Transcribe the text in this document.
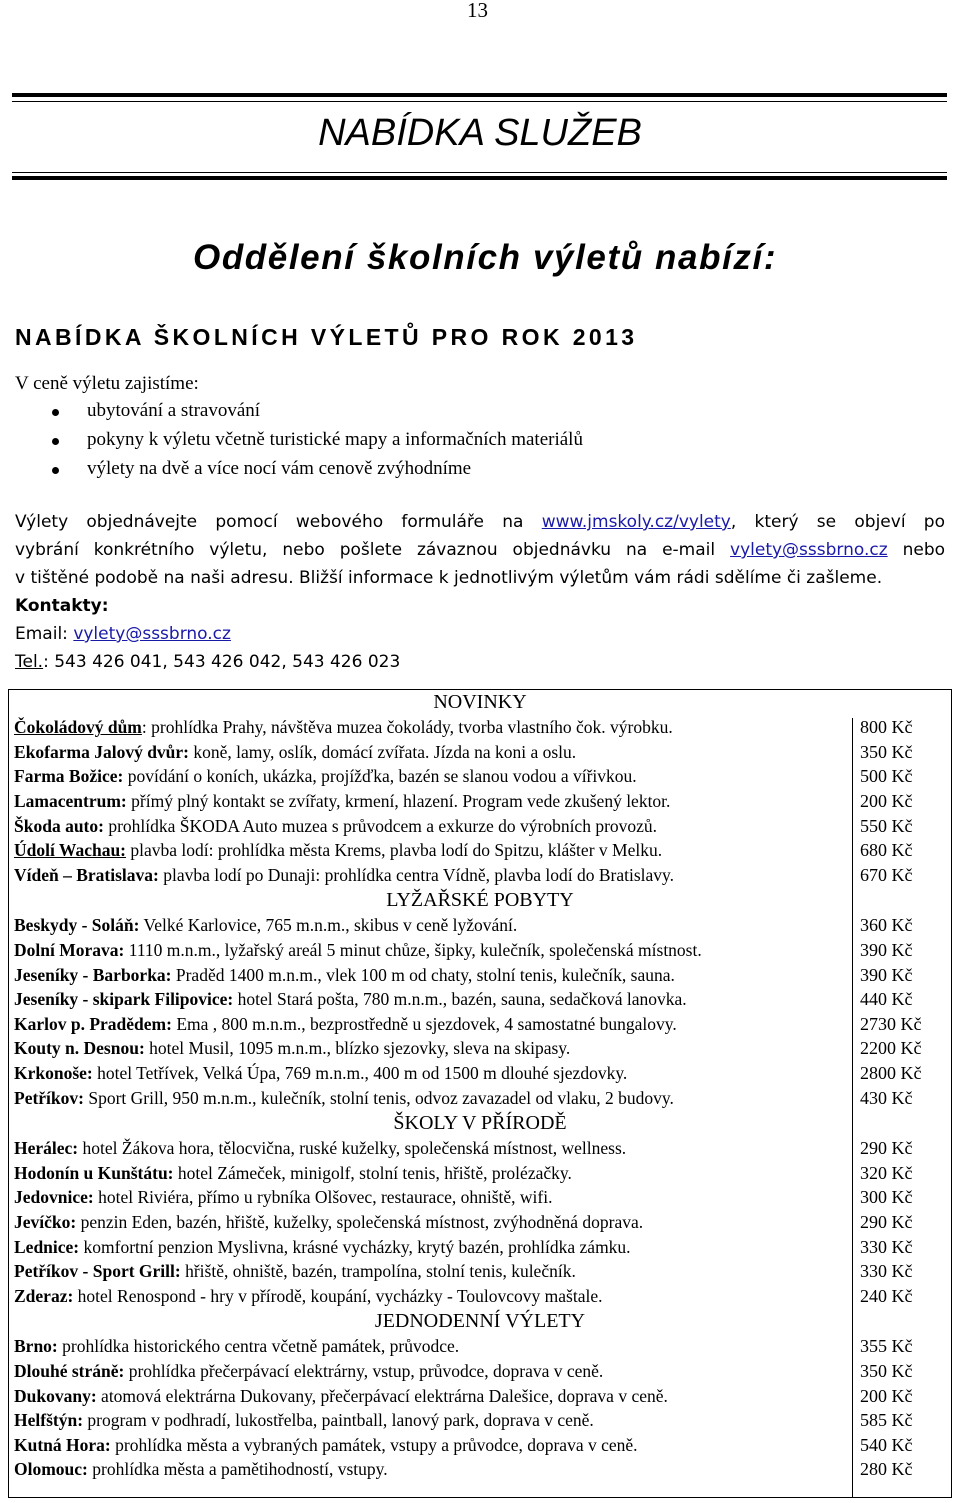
13
NABÍDKA SLUŽEB
Oddělení školních výletů nabízí:
NABÍDKA ŠKOLNÍCH VÝLETŮ PRO ROK 2013
V ceně výletu zajistíme:
ubytování a stravování
pokyny k výletu včetně turistické mapy a informačních materiálů
výlety na dvě a více nocí vám cenově zvýhodníme
Výlety objednávejte pomocí webového formuláře na www.jmskoly.cz/vylety, který se objeví po
vybrání konkrétního výletu, nebo pošlete závaznou objednávku na e-mail vylety@sssbrno.cz nebo
v tištěné podobě na naši adresu. Bližší informace k jednotlivým výletům vám rádi sdělíme či zašleme.
Kontakty:
Email: vylety@sssbrno.cz
Tel.: 543 426 041, 543 426 042, 543 426 023
NOVINKY	
Čokoládový dům: prohlídka Prahy, návštěva muzea čokolády, tvorba vlastního čok. výrobku.	800 Kč
Ekofarma Jalový dvůr: koně, lamy, oslík, domácí zvířata. Jízda na koni a oslu.	350 Kč
Farma Božice: povídání o koních, ukázka, projížďka, bazén se slanou vodou a vířivkou.	500 Kč
Lamacentrum: přímý plný kontakt se zvířaty, krmení, hlazení. Program vede zkušený lektor.	200 Kč
Škoda auto: prohlídka ŠKODA Auto muzea s průvodcem a exkurze do výrobních provozů.	550 Kč
Údolí Wachau: plavba lodí: prohlídka města Krems, plavba lodí do Spitzu, klášter v Melku.	680 Kč
Vídeň – Bratislava: plavba lodí po Dunaji: prohlídka centra Vídně, plavba lodí do Bratislavy.	670 Kč
LYŽAŘSKÉ POBYTY	
Beskydy - Soláň: Velké Karlovice, 765 m.n.m., skibus v ceně lyžování.	360 Kč
Dolní Morava: 1110 m.n.m., lyžařský areál 5 minut chůze, šipky, kulečník, společenská místnost.	390 Kč
Jeseníky - Barborka: Praděd 1400 m.n.m., vlek 100 m od chaty, stolní tenis, kulečník, sauna.	390 Kč
Jeseníky - skipark Filipovice: hotel Stará pošta, 780 m.n.m., bazén, sauna, sedačková lanovka.	440 Kč
Karlov p. Pradědem: Ema , 800 m.n.m., bezprostředně u sjezdovek, 4 samostatné bungalovy.	2730 Kč
Kouty n. Desnou: hotel Musil, 1095 m.n.m., blízko sjezovky, sleva na skipasy.	2200 Kč
Krkonoše: hotel Tetřívek, Velká Úpa, 769 m.n.m., 400 m od 1500 m dlouhé sjezdovky.	2800 Kč
Petříkov: Sport Grill, 950 m.n.m., kulečník, stolní tenis, odvoz zavazadel od vlaku, 2 budovy.	430 Kč
ŠKOLY V PŘÍRODĚ	
Herálec: hotel Žákova hora, tělocvična, ruské kuželky, společenská místnost, wellness.	290 Kč
Hodonín u Kunštátu: hotel Zámeček, minigolf, stolní tenis, hřiště, prolézačky.	320 Kč
Jedovnice: hotel Riviéra, přímo u rybníka Olšovec, restaurace, ohniště, wifi.	300 Kč
Jevíčko: penzin Eden, bazén, hřiště, kuželky, společenská místnost, zvýhodněná doprava.	290 Kč
Lednice: komfortní penzion Myslivna, krásné vycházky, krytý bazén, prohlídka zámku.	330 Kč
Petříkov - Sport Grill: hřiště, ohniště, bazén, trampolína, stolní tenis, kulečník.	330 Kč
Zderaz: hotel Renospond - hry v přírodě, koupání, vycházky - Toulovcovy maštale.	240 Kč
JEDNODENNÍ VÝLETY	
Brno: prohlídka historického centra včetně památek, průvodce.	355 Kč
Dlouhé stráně: prohlídka přečerpávací elektrárny, vstup, průvodce, doprava v ceně.	350 Kč
Dukovany: atomová elektrárna Dukovany, přečerpávací elektrárna Dalešice, doprava v ceně.	200 Kč
Helfštýn: program v podhradí, lukostřelba, paintball, lanový park, doprava v ceně.	585 Kč
Kutná Hora: prohlídka města a vybraných památek, vstupy a průvodce, doprava v ceně.	540 Kč
Olomouc: prohlídka města a pamětihodností, vstupy.	280 Kč
